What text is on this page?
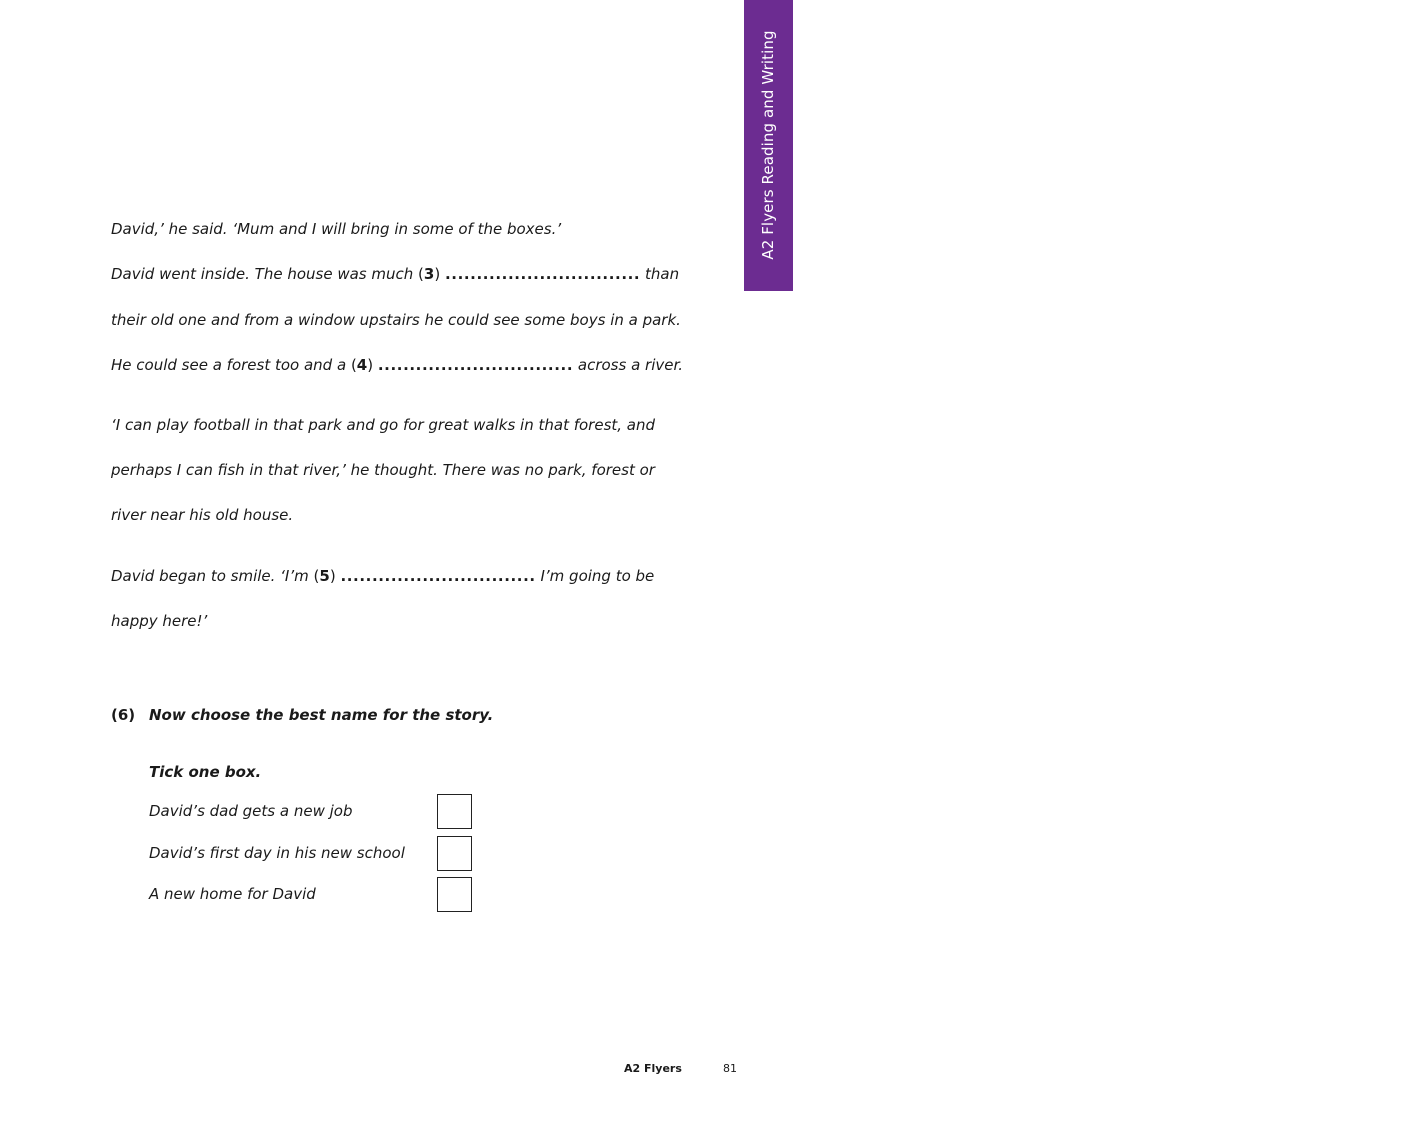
A2 Flyers Reading and Writing
David,’ he said. ‘Mum and I will bring in some of the boxes.’
David went inside. The house was much (3) ............................... than
their old one and from a window upstairs he could see some boys in a park.
He could see a forest too and a (4) ............................... across a river.
‘I can play football in that park and go for great walks in that forest, and
perhaps I can fish in that river,’ he thought. There was no park, forest or
river near his old house.
David began to smile. ‘I’m (5) ............................... I’m going to be
happy here!’
(6) Now choose the best name for the story.
Tick one box.
David’s dad gets a new job
David’s first day in his new school
A new home for David
A2 Flyers	81
